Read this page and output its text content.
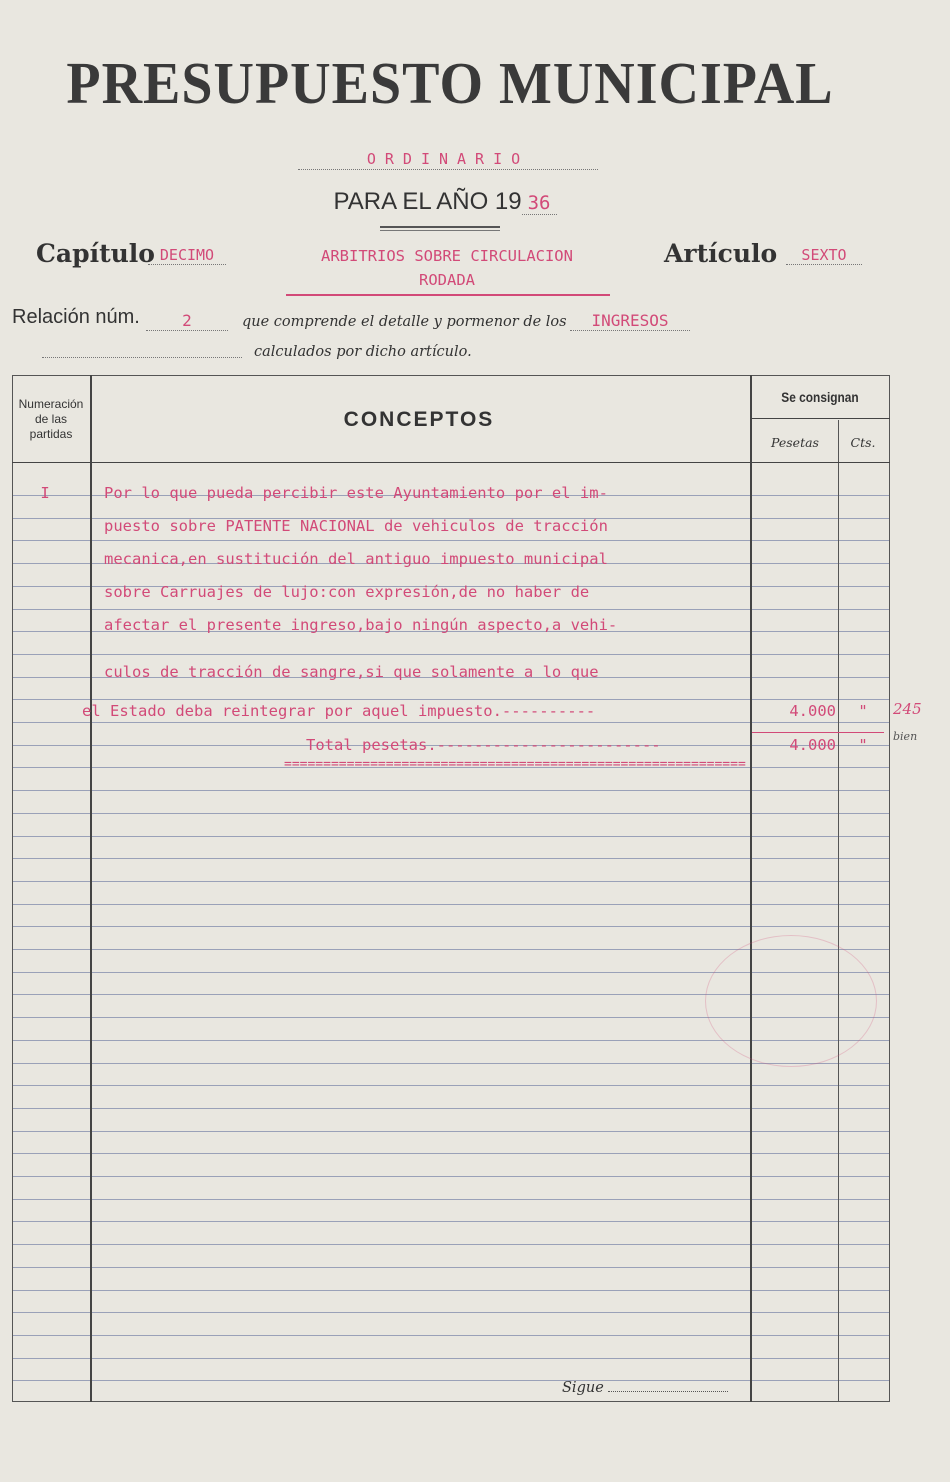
PRESUPUESTO MUNICIPAL
ORDINARIO
PARA EL AÑO 19 36
Capítulo DECIMO	ARBITRIOS SOBRE CIRCULACION
RODADA
Artículo	SEXTO
Relación núm.	2	que comprende el detalle y pormenor de los	INGRESOS
calculados por dicho artículo.
Numeración
de las
partidas
CONCEPTOS
Se consignan
Pesetas	Cts.
I	Por lo que pueda percibir este Ayuntamiento por el im-
puesto sobre PATENTE NACIONAL de vehiculos de tracción
mecanica,en sustitución del antiguo impuesto municipal
sobre Carruajes de lujo:con expresión,de no haber de
afectar el presente ingreso,bajo ningún aspecto,a vehi-
culos de tracción de sangre,si que solamente a lo que
el Estado deba reintegrar por aquel impuesto.----------	4.000	"
Total pesetas.------------------------	4.000	"
===========================================================
245
bien
Sigue
